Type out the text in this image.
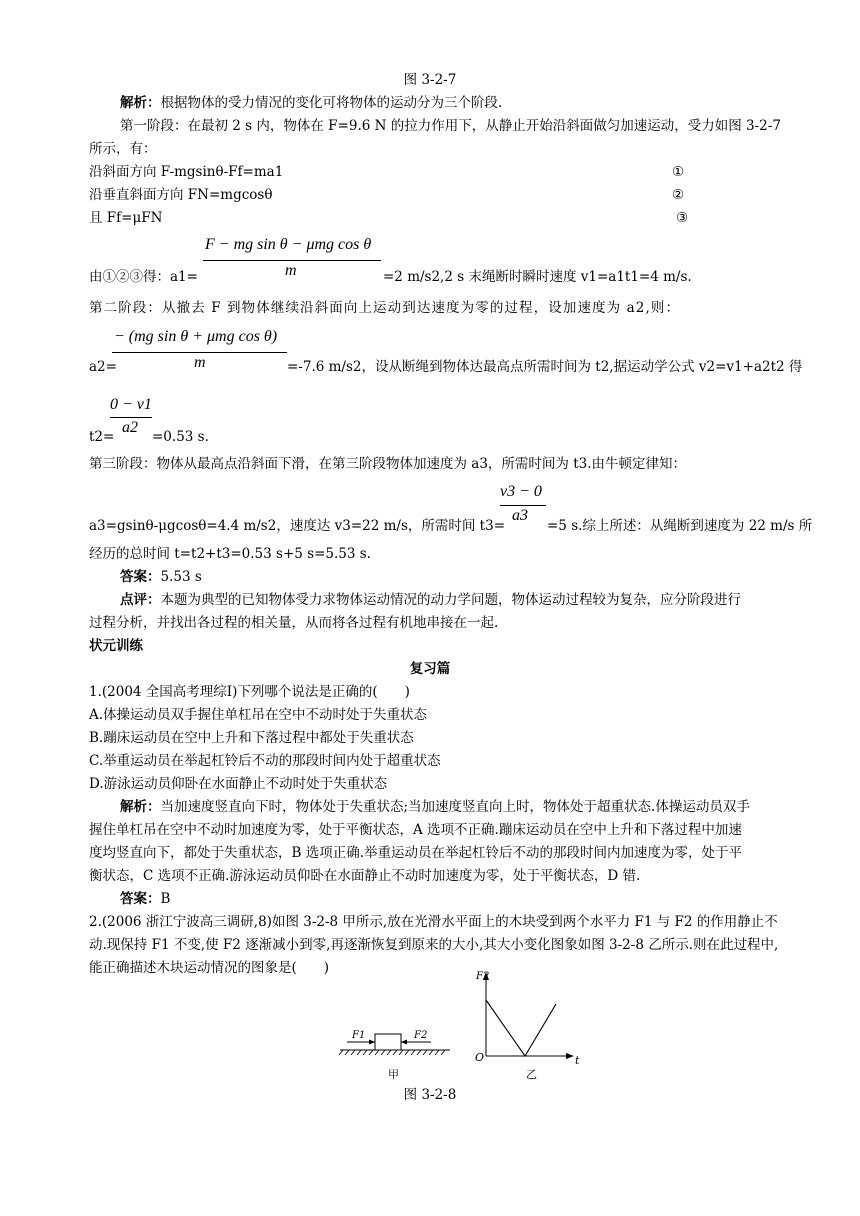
图 3-2-7
解析：根据物体的受力情况的变化可将物体的运动分为三个阶段.
第一阶段：在最初 2 s 内，物体在 F=9.6 N 的拉力作用下，从静止开始沿斜面做匀加速运动，受力如图 3-2-7
所示，有：
沿斜面方向 F-mgsinθ-Ff=ma1	①
沿垂直斜面方向 FN=mgcosθ	②
且 Ff=μFN	③
F − mg sin θ − μmg cos θ
m
由①②③得：a1=	=2 m/s2,2 s 末绳断时瞬时速度 v1=a1t1=4 m/s.
第二阶段：从撤去 F 到物体继续沿斜面向上运动到达速度为零的过程，设加速度为 a2,则：
− (mg sin θ + μmg cos θ)
m
a2=	=-7.6 m/s2，设从断绳到物体达最高点所需时间为 t2,据运动学公式 v2=v1+a2t2 得
0 − v1
a2
t2=	=0.53 s.
第三阶段：物体从最高点沿斜面下滑，在第三阶段物体加速度为 a3，所需时间为 t3.由牛顿定律知：
v3 − 0
a3
a3=gsinθ-μgcosθ=4.4 m/s2，速度达 v3=22 m/s，所需时间 t3=	=5 s.综上所述：从绳断到速度为 22 m/s 所
经历的总时间 t=t2+t3=0.53 s+5 s=5.53 s.
答案：5.53 s
点评：本题为典型的已知物体受力求物体运动情况的动力学问题，物体运动过程较为复杂，应分阶段进行
过程分析，并找出各过程的相关量，从而将各过程有机地串接在一起.
状元训练
复习篇
1.(2004 全国高考理综Ⅰ)下列哪个说法是正确的(　　)
A.体操运动员双手握住单杠吊在空中不动时处于失重状态
B.蹦床运动员在空中上升和下落过程中都处于失重状态
C.举重运动员在举起杠铃后不动的那段时间内处于超重状态
D.游泳运动员仰卧在水面静止不动时处于失重状态
解析：当加速度竖直向下时，物体处于失重状态;当加速度竖直向上时，物体处于超重状态.体操运动员双手
握住单杠吊在空中不动时加速度为零，处于平衡状态，A 选项不正确.蹦床运动员在空中上升和下落过程中加速
度均竖直向下，都处于失重状态，B 选项正确.举重运动员在举起杠铃后不动的那段时间内加速度为零，处于平
衡状态，C 选项不正确.游泳运动员仰卧在水面静止不动时加速度为零，处于平衡状态，D 错.
答案：B
2.(2006 浙江宁波高三调研,8)如图 3-2-8 甲所示,放在光滑水平面上的木块受到两个水平力 F1 与 F2 的作用静止不
动.现保持 F1 不变,使 F2 逐渐减小到零,再逐渐恢复到原来的大小,其大小变化图象如图 3-2-8 乙所示.则在此过程中,
能正确描述木块运动情况的图象是(　　)
F1	F2
甲
F2
t
O
乙
图 3-2-8
